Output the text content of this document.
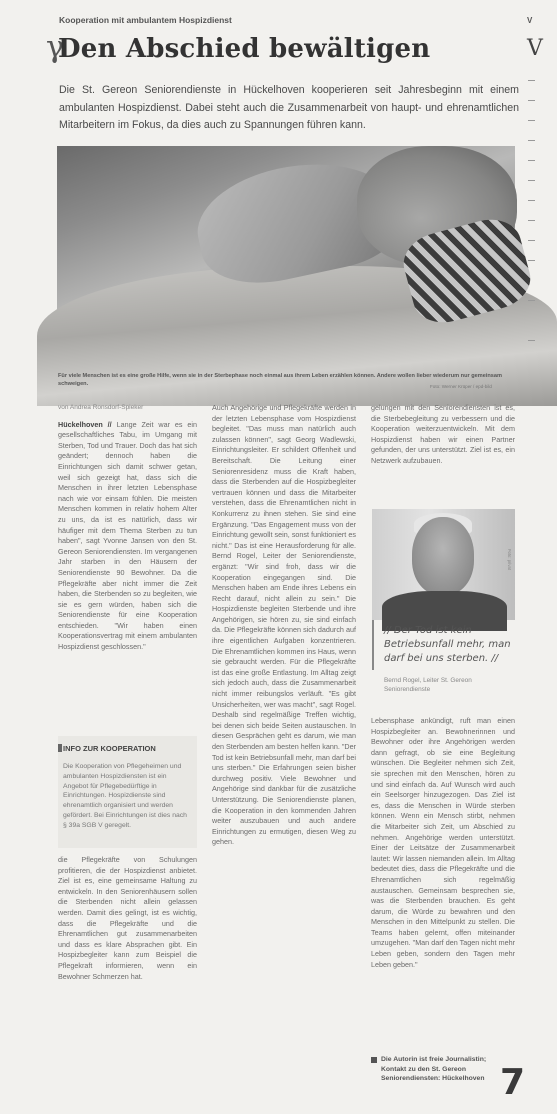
Kooperation mit ambulantem Hospizdienst
γ
Den Abschied bewältigen

Die St. Gereon Seniorendienste in Hückelhoven kooperieren seit Jahresbeginn mit einem ambulanten Hospizdienst. Dabei steht auch die Zusammenarbeit von haupt- und ehrenamtlichen Mitarbeitern im Fokus, da dies auch zu Spannungen führen kann.

Für viele Menschen ist es eine große Hilfe, wenn sie in der Sterbephase noch einmal aus ihrem Leben erzählen können. Andere wollen lieber wiederum nur gemeinsam schweigen.	Foto: Werner Krüper / epd-bild
von Andrea Ronsdorf-Spieker
Hückelhoven // Lange Zeit war es ein gesellschaftliches Tabu, im Umgang mit Sterben, Tod und Trauer. Doch das hat sich geändert; dennoch haben die Einrichtungen sich damit schwer getan, weil sich gezeigt hat, dass sich die Menschen in ihrer letzten Lebensphase nach wie vor einsam fühlen. Die meisten Menschen kommen in relativ hohem Alter zu uns, da ist es natürlich, dass wir häufiger mit dem Thema Sterben zu tun haben", sagt Yvonne Jansen von den St. Gereon Seniorendiensten. Im vergangenen Jahr starben in den Häusern der Seniorendienste 90 Bewohner. Da die Pflegekräfte aber nicht immer die Zeit haben, die Sterbenden so zu begleiten, wie sie es gern würden, haben sich die Seniorendienste für eine Kooperation entschieden. "Wir haben einen Kooperationsvertrag mit einem ambulanten Hospizdienst geschlossen."
INFO ZUR KOOPERATION
Die Kooperation von Pflegeheimen und ambulanten Hospizdiensten ist ein Angebot für Pflegebedürftige in Einrichtungen. Hospizdienste sind ehrenamtlich organisiert und werden gefördert. Bei Einrichtungen ist dies nach § 39a SGB V geregelt.
die Pflegekräfte von Schulungen profitieren, die der Hospizdienst anbietet. Ziel ist es, eine gemeinsame Haltung zu entwickeln. In den Seniorenhäusern sollen die Sterbenden nicht allein gelassen werden. Damit dies gelingt, ist es wichtig, dass die Pflegekräfte und die Ehrenamtlichen gut zusammenarbeiten und dass es klare Absprachen gibt. Ein Hospizbegleiter kann zum Beispiel die Pflegekraft informieren, wenn ein Bewohner Schmerzen hat.
Auch Angehörige und Pflegekräfte werden in der letzten Lebensphase vom Hospizdienst begleitet. "Das muss man natürlich auch zulassen können", sagt Georg Wadlewski, Einrichtungsleiter. Er schildert Offenheit und Bereitschaft. Die Leitung einer Seniorenresidenz muss die Kraft haben, dass die Sterbenden auf die Hospizbegleiter vertrauen können und dass die Mitarbeiter verstehen, dass die Ehrenamtlichen nicht in Konkurrenz zu ihnen stehen. Sie sind eine Ergänzung. "Das Engagement muss von der Einrichtung gewollt sein, sonst funktioniert es nicht." Das ist eine Herausforderung für alle. Bernd Rogel, Leiter der Seniorendienste, ergänzt: "Wir sind froh, dass wir die Kooperation eingegangen sind. Die Menschen haben am Ende ihres Lebens ein Recht darauf, nicht allein zu sein." Die Hospizdienste begleiten Sterbende und ihre Angehörigen, sie hören zu, sie sind einfach da. Die Pflegekräfte können sich dadurch auf ihre eigentlichen Aufgaben konzentrieren. Die Ehrenamtlichen kommen ins Haus, wenn sie gebraucht werden. Für die Pflegekräfte ist das eine große Entlastung. Im Alltag zeigt sich jedoch auch, dass die Zusammenarbeit nicht immer reibungslos verläuft. "Es gibt Unsicherheiten, wer was macht", sagt Rogel. Deshalb sind regelmäßige Treffen wichtig, bei denen sich beide Seiten austauschen. In diesen Gesprächen geht es darum, wie man den Sterbenden am besten helfen kann. "Der Tod ist kein Betriebsunfall mehr, man darf bei uns sterben." Die Erfahrungen seien bisher durchweg positiv. Viele Bewohner und Angehörige sind dankbar für die zusätzliche Unterstützung. Die Seniorendienste planen, die Kooperation in den kommenden Jahren weiter auszubauen und auch andere Einrichtungen zu ermutigen, diesen Weg zu gehen.
gelungen mit den Seniorendiensten ist es, die Sterbebegleitung zu verbessern und die Kooperation weiterzuentwickeln. Mit dem Hospizdienst haben wir einen Partner gefunden, der uns unterstützt. Ziel ist es, ein Netzwerk aufzubauen.
Foto: privat
// Der Tod ist kein Betriebsunfall mehr, man darf bei uns sterben. //
Bernd Rogel, Leiter St. Gereon Seniorendienste
Lebensphase ankündigt, ruft man einen Hospizbegleiter an. Bewohnerinnen und Bewohner oder ihre Angehörigen werden dann gefragt, ob sie eine Begleitung wünschen. Die Begleiter nehmen sich Zeit, sie sprechen mit den Menschen, hören zu und sind einfach da. Auf Wunsch wird auch ein Seelsorger hinzugezogen. Das Ziel ist es, dass die Menschen in Würde sterben können. Wenn ein Mensch stirbt, nehmen die Mitarbeiter sich Zeit, um Abschied zu nehmen. Angehörige werden unterstützt. Einer der Leitsätze der Zusammenarbeit lautet: Wir lassen niemanden allein. Im Alltag bedeutet dies, dass die Pflegekräfte und die Ehrenamtlichen sich regelmäßig austauschen. Gemeinsam besprechen sie, was die Sterbenden brauchen. Es geht darum, die Würde zu bewahren und den Menschen in den Mittelpunkt zu stellen. Die Teams haben gelernt, offen miteinander umzugehen. "Man darf den Tagen nicht mehr Leben geben, sondern den Tagen mehr Leben geben."
Die Autorin ist freie Journalistin; Kontakt zu den St. Gereon Seniorendiensten: Hückelhoven 7
V
V
